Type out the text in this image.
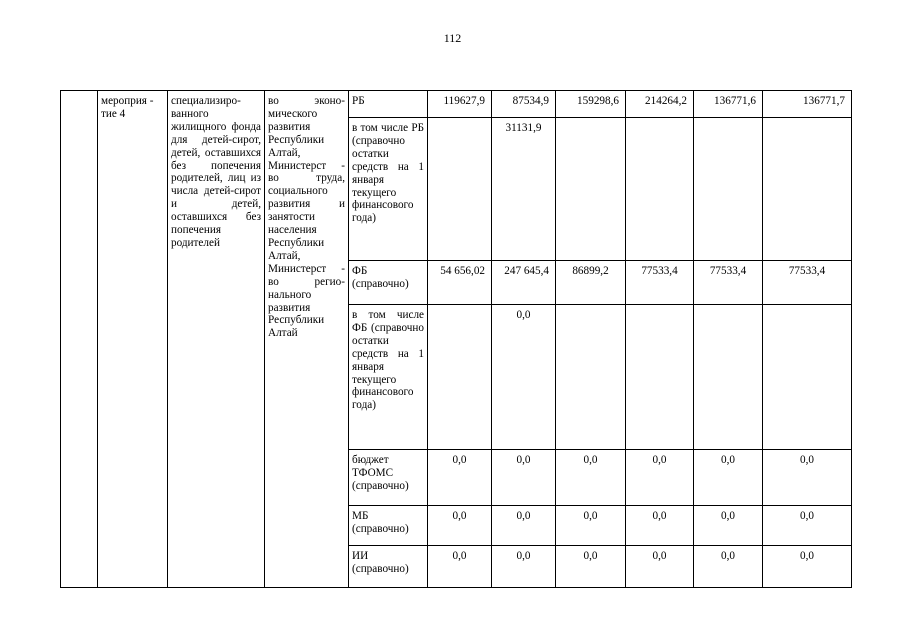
112
	мероприя - тие 4	специализиро- ванного жилищного фонда для детей-сирот, детей, оставшихся без попечения родителей, лиц из числа детей-сирот и детей, оставшихся без попечения родителей	во эконо- мического развития Республики Алтай, Министерст - во труда, социального развития и занятости населения Республики Алтай, Министерст - во регио- нального развития Республики Алтай	РБ	119627,9	87534,9	159298,6	214264,2	136771,6	136771,7
				в том числе РБ (справочно остатки средств на 1 января текущего финансового года)		31131,9				
				ФБ (справочно)	54 656,02	247 645,4	86899,2	77533,4	77533,4	77533,4
				в том числе ФБ (справочно остатки средств на 1 января текущего финансового года)		0,0				
				бюджет ТФОМС (справочно)	0,0	0,0	0,0	0,0	0,0	0,0
				МБ (справочно)	0,0	0,0	0,0	0,0	0,0	0,0
				ИИ (справочно)	0,0	0,0	0,0	0,0	0,0	0,0
